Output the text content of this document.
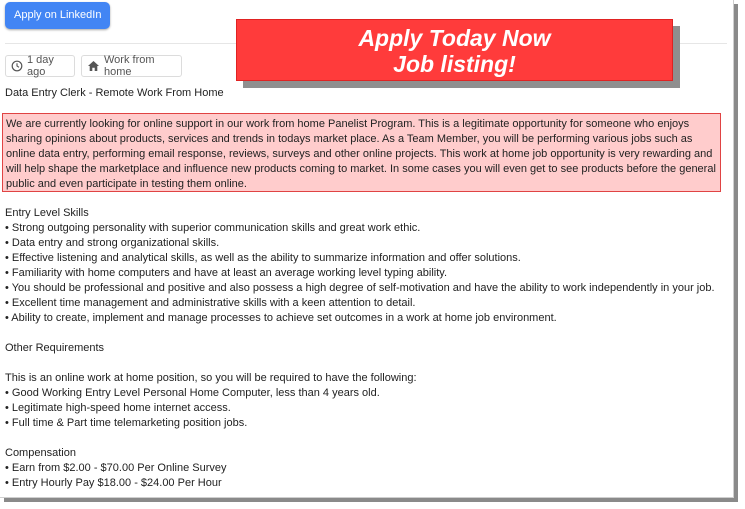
Apply on LinkedIn
1 day ago
Work from home
Data Entry Clerk - Remote Work From Home
We are currently looking for online support in our work from home Panelist Program. This is a legitimate opportunity for someone who enjoys sharing opinions about products, services and trends in todays market place. As a Team Member, you will be performing various jobs such as online data entry, performing email response, reviews, surveys and other online projects. This work at home job opportunity is very rewarding and will help shape the marketplace and influence new products coming to market. In some cases you will even get to see products before the general public and even participate in testing them online.
Entry Level Skills
• Strong outgoing personality with superior communication skills and great work ethic.
• Data entry and strong organizational skills.
• Effective listening and analytical skills, as well as the ability to summarize information and offer solutions.
• Familiarity with home computers and have at least an average working level typing ability.
• You should be professional and positive and also possess a high degree of self-motivation and have the ability to work independently in your job.
• Excellent time management and administrative skills with a keen attention to detail.
• Ability to create, implement and manage processes to achieve set outcomes in a work at home job environment.
Other Requirements
This is an online work at home position, so you will be required to have the following:
• Good Working Entry Level Personal Home Computer, less than 4 years old.
• Legitimate high-speed home internet access.
• Full time & Part time telemarketing position jobs.
Compensation
• Earn from $2.00 - $70.00 Per Online Survey
• Entry Hourly Pay $18.00 - $24.00 Per Hour
Apply Today Now
Job listing!
